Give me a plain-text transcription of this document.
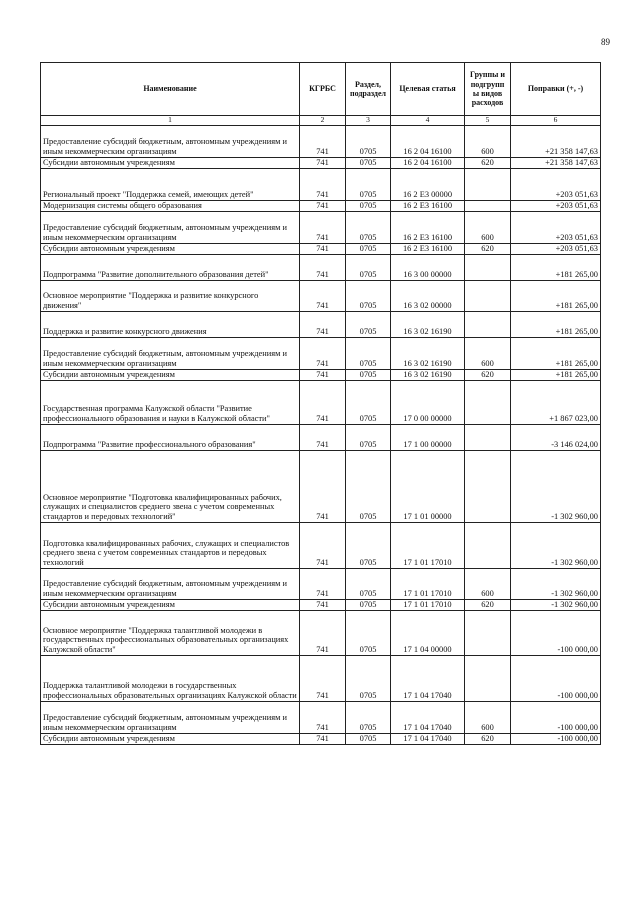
89
Наименование	КГРБС	Раздел, подраздел	Целевая статья	Группы и подгрупп ы видов расходов	Поправки (+, -)
1	2	3	4	5	6
Предоставление субсидий бюджетным, автономным учреждениям и иным некоммерческим организациям	741	0705	16 2 04 16100	600	+21 358 147,63
Субсидии автономным учреждениям	741	0705	16 2 04 16100	620	+21 358 147,63
Региональный проект "Поддержка семей, имеющих детей"	741	0705	16 2 E3 00000		+203 051,63
Модернизация системы общего образования	741	0705	16 2 E3 16100		+203 051,63
Предоставление субсидий бюджетным, автономным учреждениям и иным некоммерческим организациям	741	0705	16 2 E3 16100	600	+203 051,63
Субсидии автономным учреждениям	741	0705	16 2 E3 16100	620	+203 051,63
Подпрограмма "Развитие дополнительного образования детей"	741	0705	16 3 00 00000		+181 265,00
Основное мероприятие "Поддержка и развитие конкурсного движения"	741	0705	16 3 02 00000		+181 265,00
Поддержка и развитие конкурсного движения	741	0705	16 3 02 16190		+181 265,00
Предоставление субсидий бюджетным, автономным учреждениям и иным некоммерческим организациям	741	0705	16 3 02 16190	600	+181 265,00
Субсидии автономным учреждениям	741	0705	16 3 02 16190	620	+181 265,00
Государственная программа Калужской области "Развитие профессионального образования и науки в Калужской области"	741	0705	17 0 00 00000		+1 867 023,00
Подпрограмма "Развитие профессионального образования"	741	0705	17 1 00 00000		-3 146 024,00
Основное мероприятие "Подготовка квалифицированных рабочих, служащих и специалистов среднего звена с учетом современных стандартов и передовых технологий"	741	0705	17 1 01 00000		-1 302 960,00
Подготовка квалифицированных рабочих, служащих и специалистов среднего звена с учетом современных стандартов и передовых технологий	741	0705	17 1 01 17010		-1 302 960,00
Предоставление субсидий бюджетным, автономным учреждениям и иным некоммерческим организациям	741	0705	17 1 01 17010	600	-1 302 960,00
Субсидии автономным учреждениям	741	0705	17 1 01 17010	620	-1 302 960,00
Основное мероприятие "Поддержка талантливой молодежи в государственных профессиональных образовательных организациях Калужской области"	741	0705	17 1 04 00000		-100 000,00
Поддержка талантливой молодежи в государственных профессиональных образовательных организациях Калужской области	741	0705	17 1 04 17040		-100 000,00
Предоставление субсидий бюджетным, автономным учреждениям и иным некоммерческим организациям	741	0705	17 1 04 17040	600	-100 000,00
Субсидии автономным учреждениям	741	0705	17 1 04 17040	620	-100 000,00
